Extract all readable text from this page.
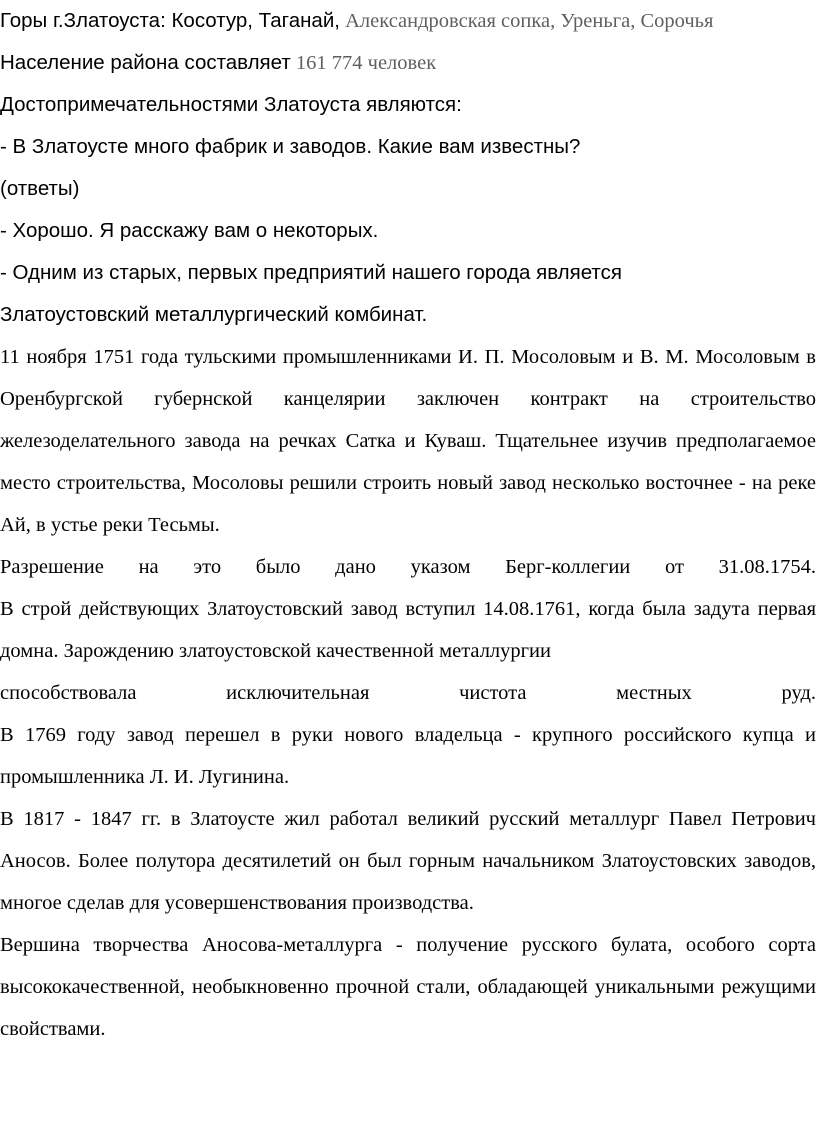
Горы г.Златоуста: Косотур, Таганай, Александровская сопка, Уреньга, Сорочья

Население района составляет 161 774 человек

Достопримечательностями Златоуста являются:

- В Златоусте много фабрик и заводов. Какие вам известны?

(ответы)

- Хорошо. Я расскажу вам о некоторых.

- Одним из старых, первых предприятий нашего города является

Златоустовский металлургический комбинат.

11 ноября 1751 года тульскими промышленниками И. П. Мосоловым и В. М. Мосоловым в Оренбургской губернской канцелярии заключен контракт на строительство железоделательного завода на речках Сатка и Куваш. Тщательнее изучив предполагаемое место строительства, Мосоловы решили строить новый завод несколько восточнее - на реке Ай, в устье реки Тесьмы.

Разрешение на это было дано указом Берг-коллегии от 31.08.1754.

В строй действующих Златоустовский завод вступил 14.08.1761, когда была задута первая домна. Зарождению златоустовской качественной металлургии

способствовала исключительная чистота местных руд.

В 1769 году завод перешел в руки нового владельца - крупного российского купца и промышленника Л. И. Лугинина.

В 1817 - 1847 гг. в Златоусте жил работал великий русский металлург Павел Петрович Аносов. Более полутора десятилетий он был горным начальником Златоустовских заводов, многое сделав для усовершенствования производства.

Вершина творчества Аносова-металлурга - получение русского булата, особого сорта высококачественной, необыкновенно прочной стали, обладающей уникальными режущими свойствами.
